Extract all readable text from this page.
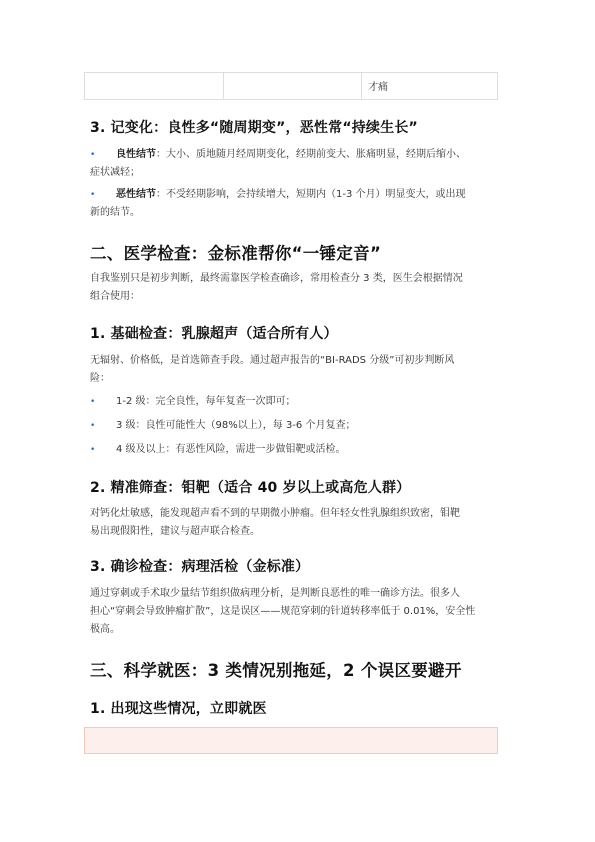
才痛
3. 记变化：良性多“随周期变”，恶性常“持续生长”
• 良性结节：大小、质地随月经周期变化，经期前变大、胀痛明显，经期后缩小、
症状减轻；
• 恶性结节：不受经期影响，会持续增大，短期内（1-3 个月）明显变大，或出现
新的结节。
二、医学检查：金标准帮你“一锤定音”
自我鉴别只是初步判断，最终需靠医学检查确诊，常用检查分 3 类，医生会根据情况
组合使用：
1. 基础检查：乳腺超声（适合所有人）
无辐射、价格低，是首选筛查手段。通过超声报告的“BI-RADS 分级”可初步判断风
险：
• 1-2 级：完全良性，每年复查一次即可；
• 3 级：良性可能性大（98%以上），每 3-6 个月复查；
• 4 级及以上：有恶性风险，需进一步做钼靶或活检。
2. 精准筛查：钼靶（适合 40 岁以上或高危人群）
对钙化灶敏感，能发现超声看不到的早期微小肿瘤。但年轻女性乳腺组织致密，钼靶
易出现假阳性，建议与超声联合检查。
3. 确诊检查：病理活检（金标准）
通过穿刺或手术取少量结节组织做病理分析，是判断良恶性的唯一确诊方法。很多人
担心“穿刺会导致肿瘤扩散”，这是误区——规范穿刺的针道转移率低于 0.01%，安全性
极高。
三、科学就医：3 类情况别拖延，2 个误区要避开
1. 出现这些情况，立即就医
